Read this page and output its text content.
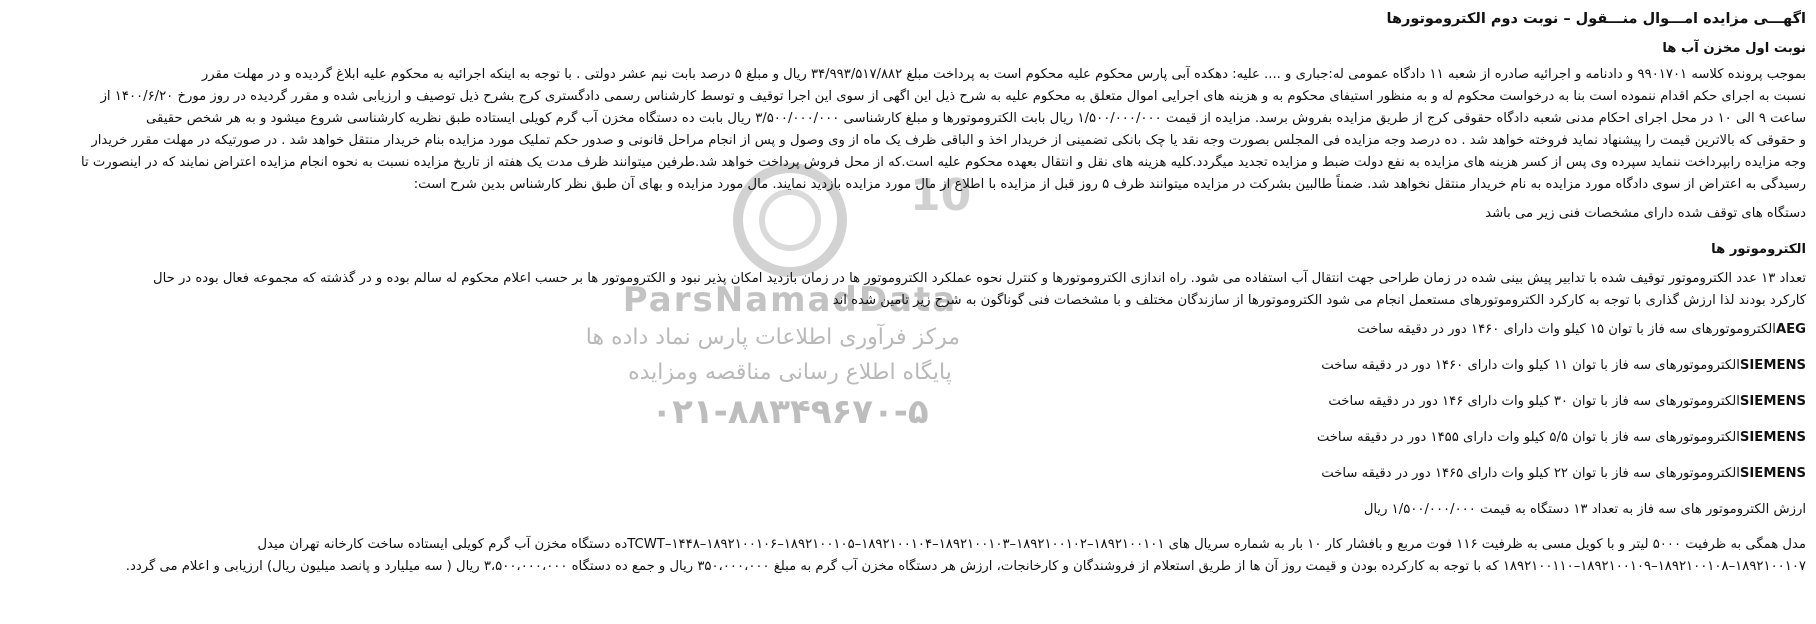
10
ParsNamadData
مرکز فرآوری اطلاعات پارس نماد داده ها
پایگاه اطلاع رسانی مناقصه ومزایده
۰۲۱-۸۸۳۴۹۶۷۰-۵
اگهـــی مزایده امـــوال منـــقول – نوبت دوم الکتروموتورها
نوبت اول مخزن آب ها
بموجب پرونده کلاسه ۹۹۰۱۷۰۱ و دادنامه و اجرائیه صادره از شعبه ۱۱ دادگاه عمومی له:جباری و .... علیه: دهکده آبی پارس محکوم علیه محکوم است به پرداخت مبلغ ۳۴/۹۹۳/۵۱۷/۸۸۲ ریال و مبلغ ۵ درصد بابت نیم عشر دولتی . با توجه به اینکه اجرائیه به محکوم علیه ابلاغ گردیده و در مهلت مقرر
نسبت به اجرای حکم اقدام ننموده است بنا به درخواست محکوم له و به منظور استیفای محکوم به و هزینه های اجرایی اموال متعلق به محکوم علیه به شرح ذیل این اگهی از سوی این اجرا توقیف و توسط کارشناس رسمی دادگستری کرج بشرح ذیل توصیف و ارزیابی شده و مقرر گردیده در روز مورخ ۱۴۰۰/۶/۲۰ از
ساعت ۹ الی ۱۰ در محل اجرای احکام مدنی شعبه دادگاه حقوقی کرج از طریق مزایده بفروش برسد. مزایده از قیمت ۱/۵۰۰/۰۰۰/۰۰۰ ریال بابت الکتروموتورها و مبلغ کارشناسی ۳/۵۰۰/۰۰۰/۰۰۰ ریال بابت ده دستگاه مخزن آب گرم کویلی ایستاده طبق نظریه کارشناسی شروع میشود و به هر شخص حقیقی
و حقوقی که بالاترین قیمت را پیشنهاد نماید فروخته خواهد شد . ده درصد وجه مزایده فی المجلس بصورت وجه نقد یا چک بانکی تضمینی از خریدار اخذ و الباقی ظرف یک ماه از وی وصول و پس از انجام مراحل قانونی و صدور حکم تملیک مورد مزایده بنام خریدار منتقل خواهد شد . در صورتیکه در مهلت مقرر خریدار
وجه مزایده رابپرداخت ننماید سپرده وی پس از کسر هزینه های مزایده به نفع دولت ضبط و مزایده تجدید میگردد.کلیه هزینه های نقل و انتقال بعهده محکوم علیه است.که از محل فروش پرداخت خواهد شد.طرفین میتوانند ظرف مدت یک هفته از تاریخ مزایده نسبت به نحوه انجام مزایده اعتراض نمایند که در اینصورت تا
رسیدگی به اعتراض از سوی دادگاه مورد مزایده به نام خریدار منتقل نخواهد شد. ضمناً طالبین بشرکت در مزایده میتوانند ظرف ۵ روز قبل از مزایده با اطلاع از مال مورد مزایده بازدید نمایند. مال مورد مزایده و بهای آن طبق نظر کارشناس بدین شرح است:
دستگاه های توقف شده دارای مشخصات فنی زیر می باشد
الکتروموتور ها
تعداد ۱۳ عدد الکتروموتور توقیف شده با تدابیر پیش بینی شده در زمان طراحی جهت انتقال آب استفاده می شود. راه اندازی الکتروموتورها و کنترل نحوه عملکرد الکتروموتور ها در زمان بازدید امکان پذیر نبود و الکتروموتور ها بر حسب اعلام محکوم له سالم بوده و در گذشته که مجموعه فعال بوده در حال
کارکرد بودند لذا ارزش گذاری با توجه به کارکرد الکتروموتورهای مستعمل انجام می شود الکتروموتورها از سازندگان مختلف و با مشخصات فنی گوناگون به شرح زیر تامین شده اند
AEGالکتروموتورهای سه فاز با توان ۱۵ کیلو وات دارای ۱۴۶۰ دور در دقیقه ساخت
SIEMENSالکتروموتورهای سه فاز با توان ۱۱ کیلو وات دارای ۱۴۶۰ دور در دقیقه ساخت
SIEMENSالکتروموتورهای سه فاز با توان ۳۰ کیلو وات دارای ۱۴۶ دور در دقیقه ساخت
SIEMENSالکتروموتورهای سه فاز با توان ۵/۵ کیلو وات دارای ۱۴۵۵ دور در دقیقه ساخت
SIEMENSالکتروموتورهای سه فاز با توان ۲۲ کیلو وات دارای ۱۴۶۵ دور در دقیقه ساخت
ارزش الکتروموتور های سه فاز به تعداد ۱۳ دستگاه به قیمت ۱/۵۰۰/۰۰۰/۰۰۰ ریال
مدل همگی به ظرفیت ۵۰۰۰ لیتر و با کویل مسی به ظرفیت ۱۱۶ فوت مربع و بافشار کار ۱۰ بار به شماره سریال های ۱۸۹۲۱۰۰۱۰۱–۱۸۹۲۱۰۰۱۰۲–۱۸۹۲۱۰۰۱۰۳–۱۸۹۲۱۰۰۱۰۴–۱۸۹۲۱۰۰۱۰۵–۱۸۹۲۱۰۰۱۰۶–۱۴۴۸–TCWTده دستگاه مخزن آب گرم کویلی ایستاده ساخت کارخانه تهران میدل
۱۸۹۲۱۰۰۱۰۷–۱۸۹۲۱۰۰۱۰۸–۱۸۹۲۱۰۰۱۰۹–۱۸۹۲۱۰۰۱۱۰ که با توجه به کارکرده بودن و قیمت روز آن ها از طریق استعلام از فروشندگان و کارخانجات، ارزش هر دستگاه مخزن آب گرم به مبلغ ۳۵۰،۰۰۰،۰۰۰ ریال و جمع ده دستگاه ۳،۵۰۰،۰۰۰،۰۰۰ ریال ( سه میلیارد و پانصد میلیون ریال) ارزیابی و اعلام می گردد.
